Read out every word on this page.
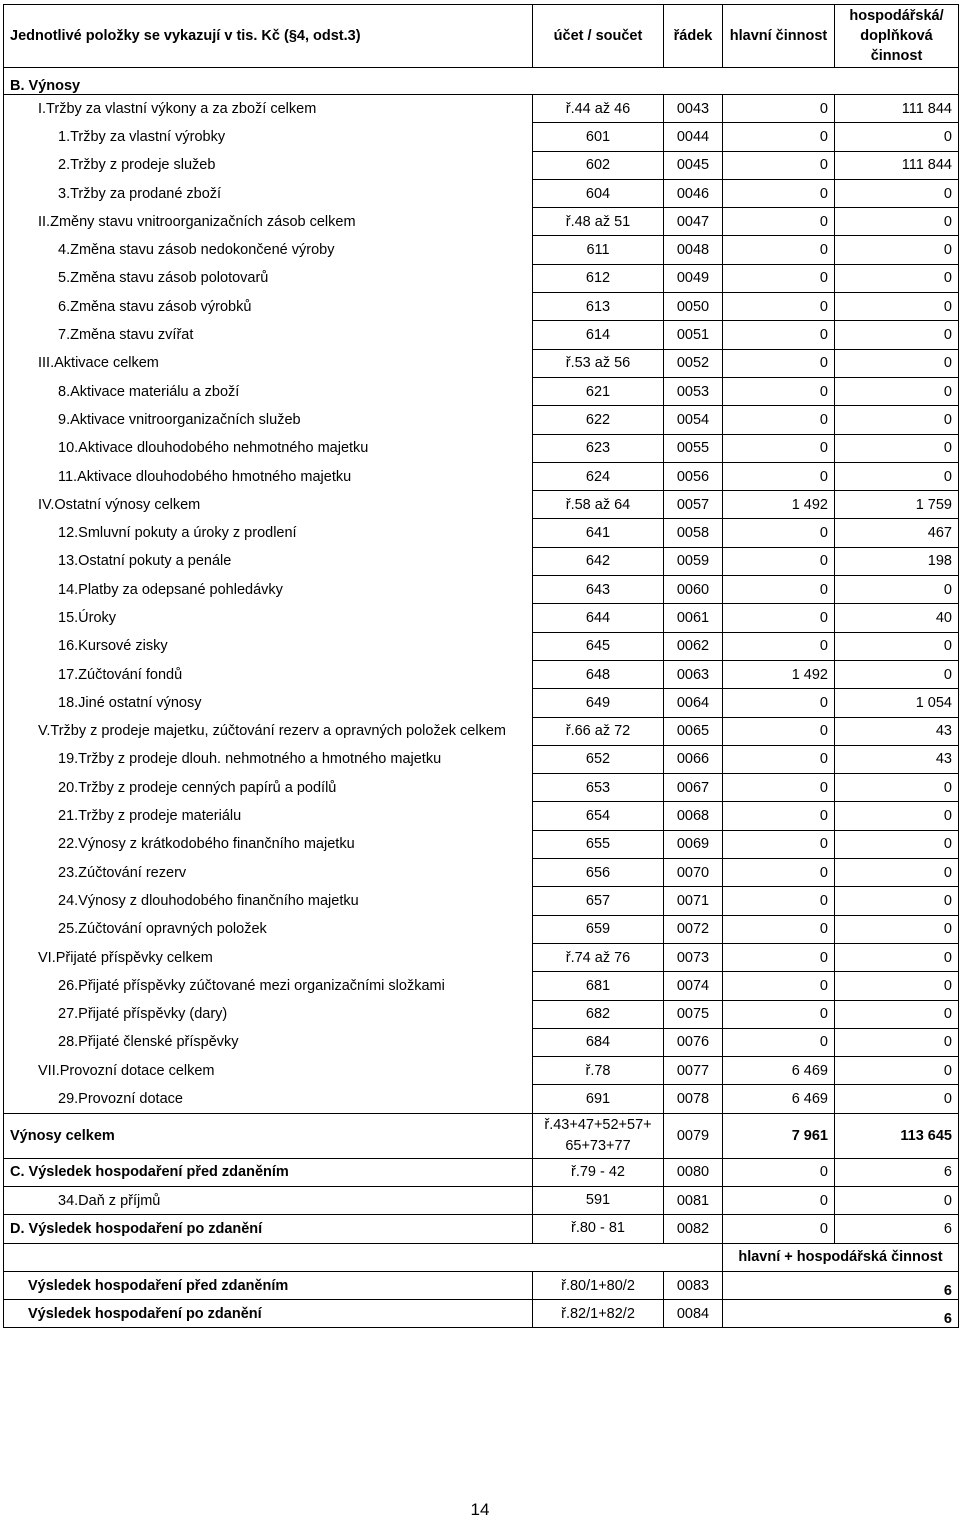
Jednotlivé položky se vykazují v tis. Kč (§4, odst.3)	účet / součet	řádek	hlavní činnost	hospodářská/ doplňková činnost
B. Výnosy				
I.Tržby za vlastní výkony a za zboží celkem	ř.44 až 46	0043	0	111 844
1.Tržby za vlastní výrobky	601	0044	0	0
2.Tržby z prodeje služeb	602	0045	0	111 844
3.Tržby za prodané zboží	604	0046	0	0
II.Změny stavu vnitroorganizačních zásob celkem	ř.48 až 51	0047	0	0
4.Změna stavu zásob nedokončené výroby	611	0048	0	0
5.Změna stavu zásob polotovarů	612	0049	0	0
6.Změna stavu zásob výrobků	613	0050	0	0
7.Změna stavu zvířat	614	0051	0	0
III.Aktivace celkem	ř.53 až 56	0052	0	0
8.Aktivace materiálu a zboží	621	0053	0	0
9.Aktivace vnitroorganizačních služeb	622	0054	0	0
10.Aktivace dlouhodobého nehmotného majetku	623	0055	0	0
11.Aktivace dlouhodobého hmotného majetku	624	0056	0	0
IV.Ostatní výnosy celkem	ř.58 až 64	0057	1 492	1 759
12.Smluvní pokuty a úroky z prodlení	641	0058	0	467
13.Ostatní pokuty a penále	642	0059	0	198
14.Platby za odepsané pohledávky	643	0060	0	0
15.Úroky	644	0061	0	40
16.Kursové zisky	645	0062	0	0
17.Zúčtování fondů	648	0063	1 492	0
18.Jiné ostatní výnosy	649	0064	0	1 054
V.Tržby z prodeje majetku, zúčtování rezerv a opravných položek celkem	ř.66 až 72	0065	0	43
19.Tržby z prodeje dlouh. nehmotného a hmotného majetku	652	0066	0	43
20.Tržby z prodeje cenných papírů a podílů	653	0067	0	0
21.Tržby z prodeje materiálu	654	0068	0	0
22.Výnosy z krátkodobého finančního majetku	655	0069	0	0
23.Zúčtování rezerv	656	0070	0	0
24.Výnosy z dlouhodobého finančního majetku	657	0071	0	0
25.Zúčtování opravných položek	659	0072	0	0
VI.Přijaté příspěvky celkem	ř.74 až 76	0073	0	0
26.Přijaté příspěvky zúčtované mezi organizačními složkami	681	0074	0	0
27.Přijaté příspěvky (dary)	682	0075	0	0
28.Přijaté členské příspěvky	684	0076	0	0
VII.Provozní dotace celkem	ř.78	0077	6 469	0
29.Provozní dotace	691	0078	6 469	0
Výnosy celkem	ř.43+47+52+57+ 65+73+77	0079	7 961	113 645
C. Výsledek hospodaření před zdaněním	ř.79 - 42	0080	0	6
34.Daň z příjmů	591	0081	0	0
D. Výsledek hospodaření po zdanění	ř.80 - 81	0082	0	6
			hlavní + hospodářská činnost	
Výsledek hospodaření před zdaněním	ř.80/1+80/2	0083	6	
Výsledek hospodaření po zdanění	ř.82/1+82/2	0084	6	
14
